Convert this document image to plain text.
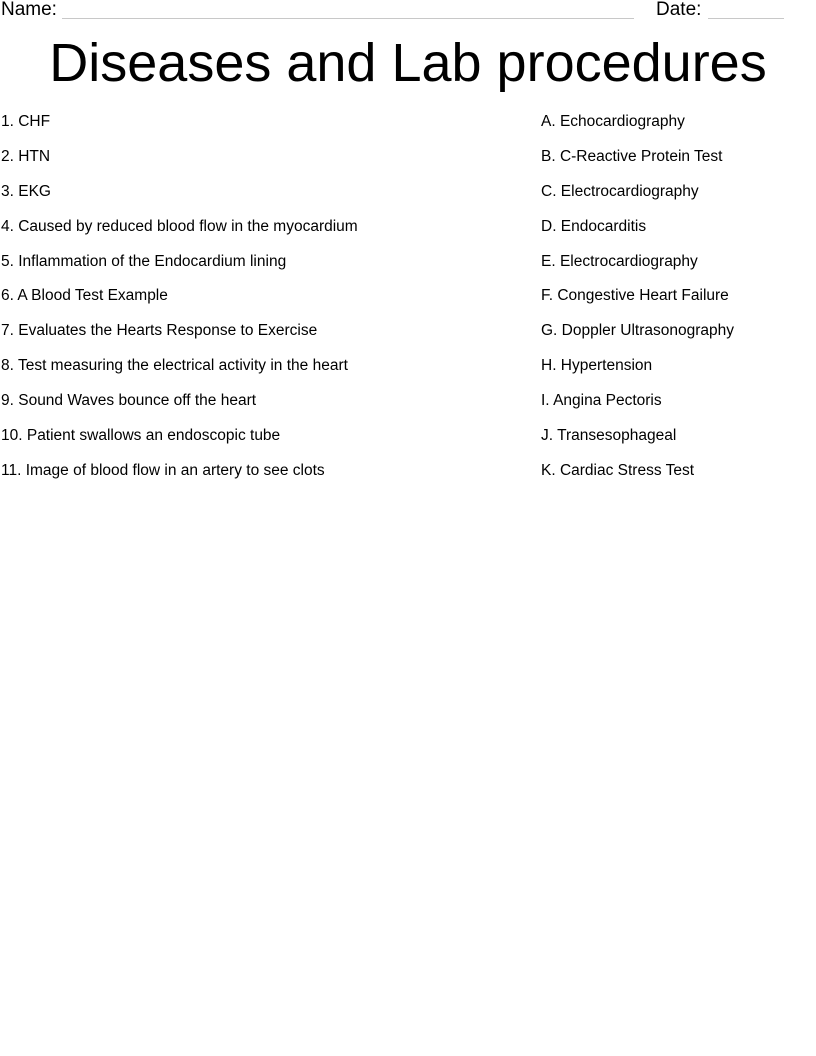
Name:	Date:
Diseases and Lab procedures
1. CHF
2. HTN
3. EKG
4. Caused by reduced blood flow in the myocardium
5. Inflammation of the Endocardium lining
6. A Blood Test Example
7. Evaluates the Hearts Response to Exercise
8. Test measuring the electrical activity in the heart
9. Sound Waves bounce off the heart
10. Patient swallows an endoscopic tube
11. Image of blood flow in an artery to see clots
A. Echocardiography
B. C-Reactive Protein Test
C. Electrocardiography
D. Endocarditis
E. Electrocardiography
F. Congestive Heart Failure
G. Doppler Ultrasonography
H. Hypertension
I. Angina Pectoris
J. Transesophageal
K. Cardiac Stress Test
